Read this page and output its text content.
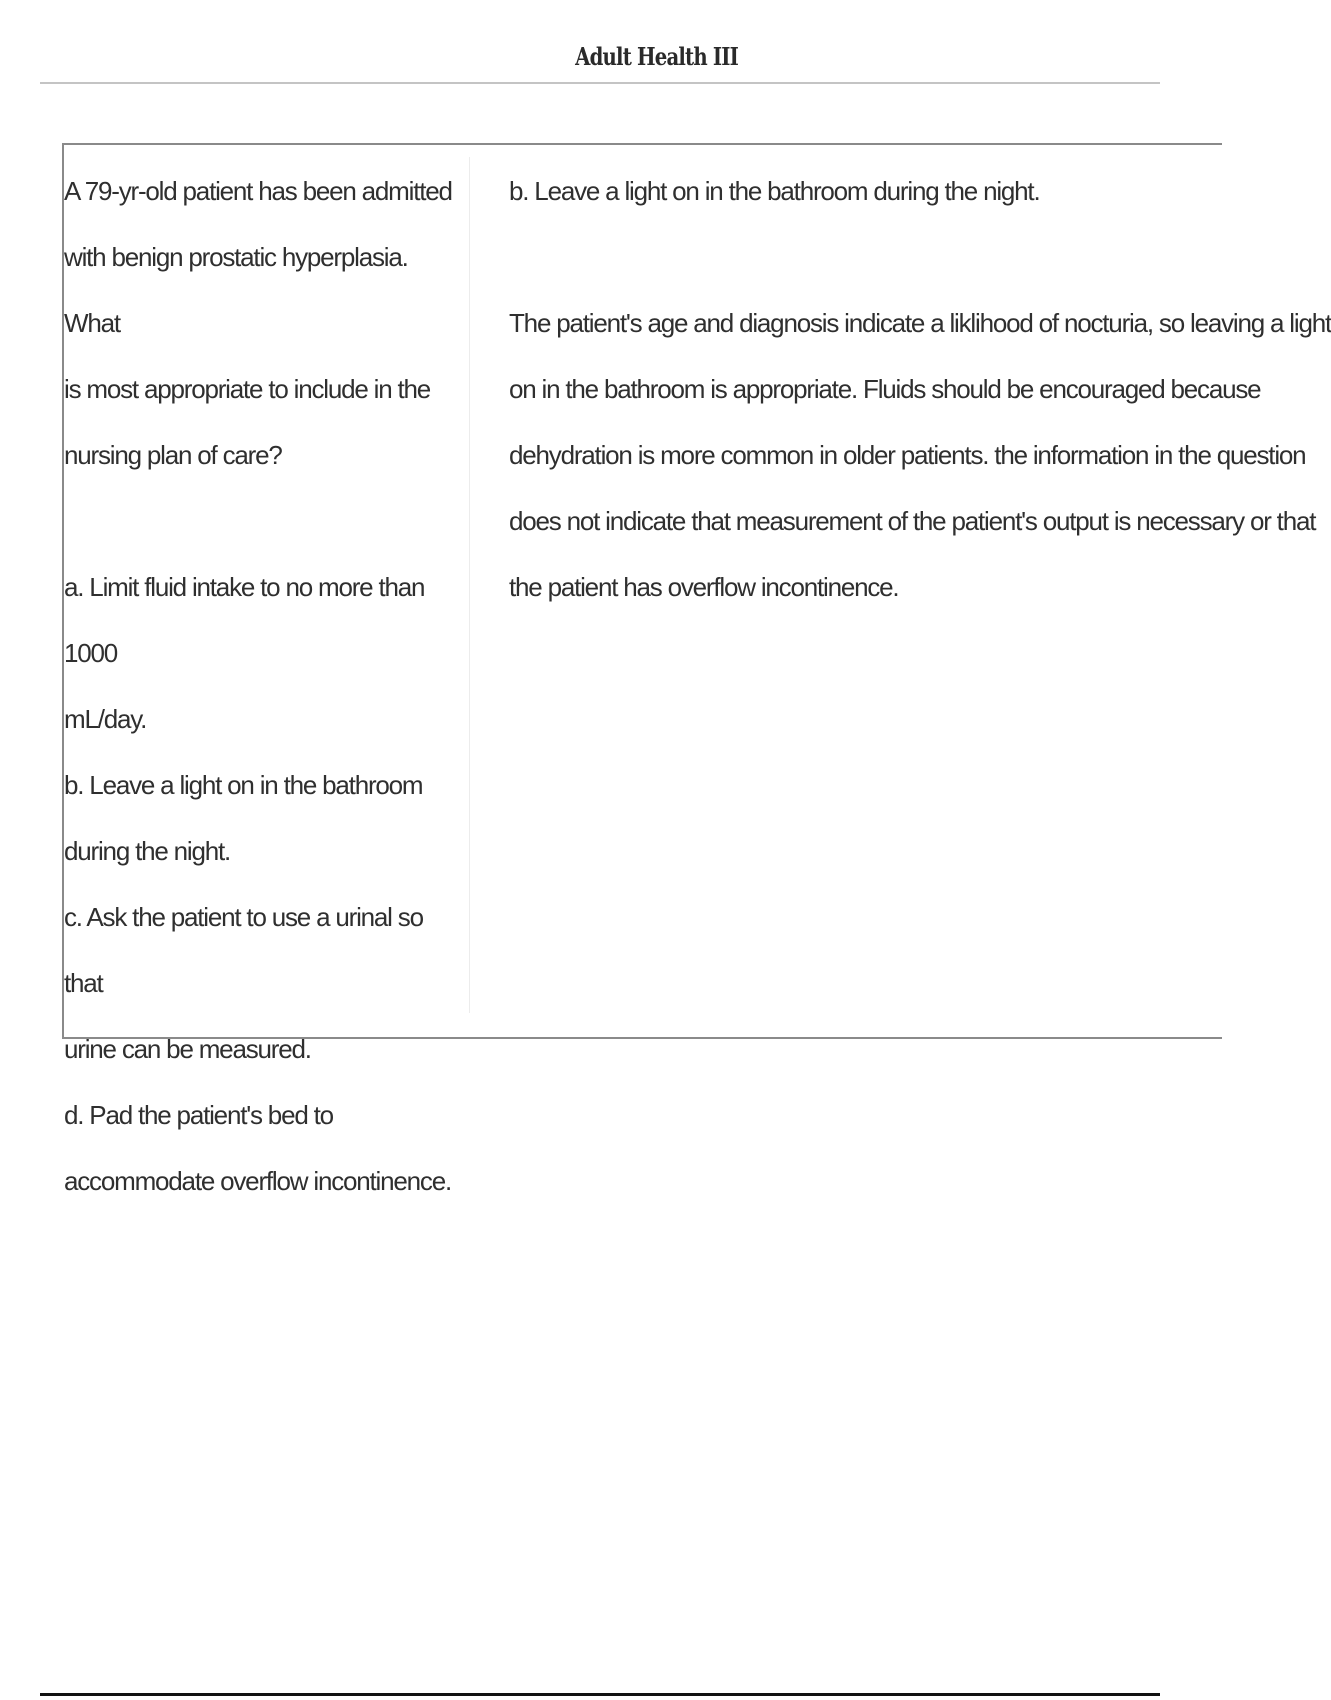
Adult Health III

A 79-yr-old patient has been admitted

with benign prostatic hyperplasia. What

is most appropriate to include in the

nursing plan of care?

a. Limit fluid intake to no more than 1000

mL/day.

b. Leave a light on in the bathroom

during the night.

c. Ask the patient to use a urinal so that

urine can be measured.

d. Pad the patient's bed to

accommodate overflow incontinence.

b. Leave a light on in the bathroom during the night.

The patient's age and diagnosis indicate a liklihood of nocturia, so leaving a light

on in the bathroom is appropriate. Fluids should be encouraged because

dehydration is more common in older patients. the information in the question

does not indicate that measurement of the patient's output is necessary or that

the patient has overflow incontinence.
